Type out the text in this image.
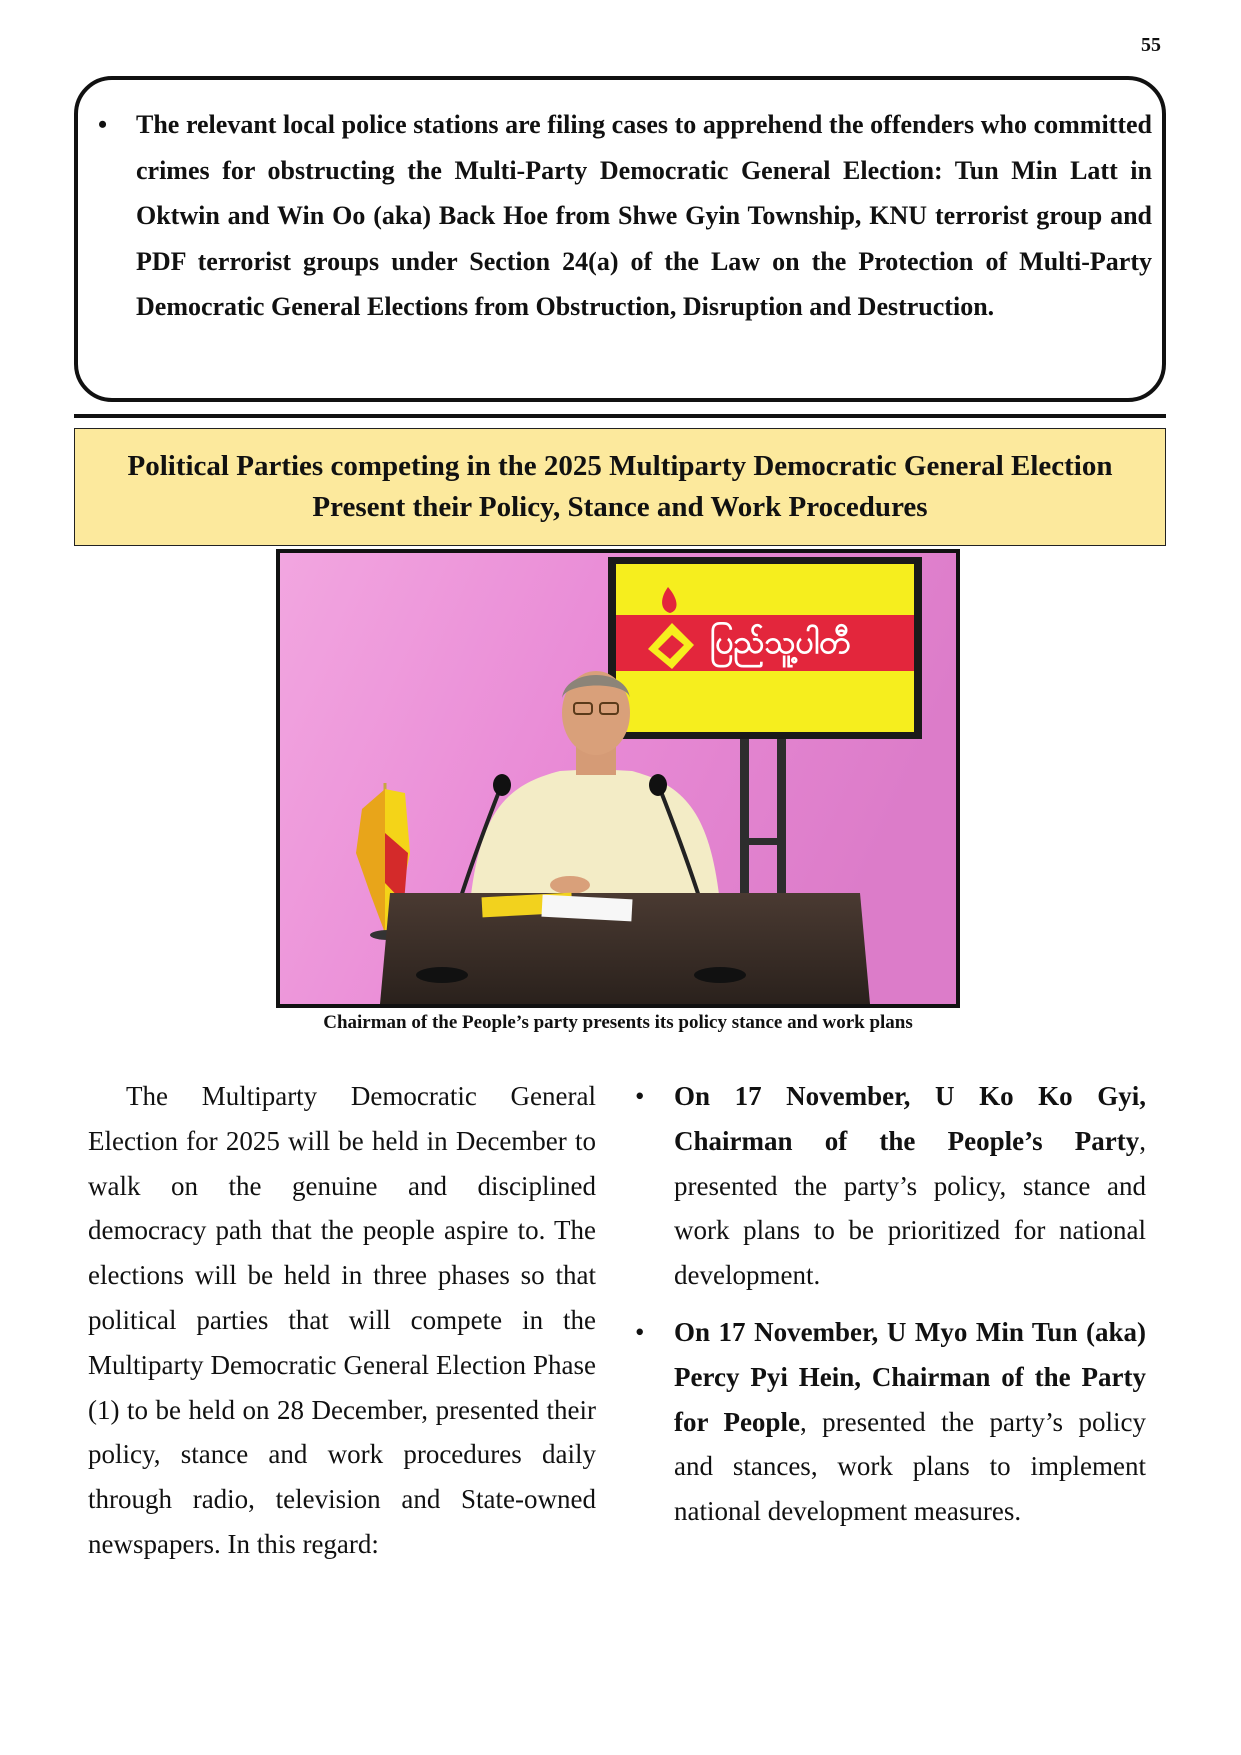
55
• The relevant local police stations are filing cases to apprehend the offenders who committed crimes for obstructing the Multi-Party Democratic General Election: Tun Min Latt in Oktwin and Win Oo (aka) Back Hoe from Shwe Gyin Township, KNU terrorist group and PDF terrorist groups under Section 24(a) of the Law on the Protection of Multi-Party Democratic General Elections from Obstruction, Disruption and Destruction.
Political Parties competing in the 2025 Multiparty Democratic General Election
Present their Policy, Stance and Work Procedures
ပြည်သူ့ပါတီ
Chairman of the People’s party presents its policy stance and work plans
The Multiparty Democratic General Election for 2025 will be held in December to walk on the genuine and disciplined democracy path that the people aspire to. The elections will be held in three phases so that political parties that will compete in the Multiparty Democratic General Election Phase (1) to be held on 28 December, presented their policy, stance and work procedures daily through radio, television and State-owned newspapers. In this regard:
• On 17 November, U Ko Ko Gyi, Chairman of the People’s Party, presented the party’s policy, stance and work plans to be prioritized for national development.
• On 17 November, U Myo Min Tun (aka) Percy Pyi Hein, Chairman of the Party for People, presented the party’s policy and stances, work plans to implement national development measures.
